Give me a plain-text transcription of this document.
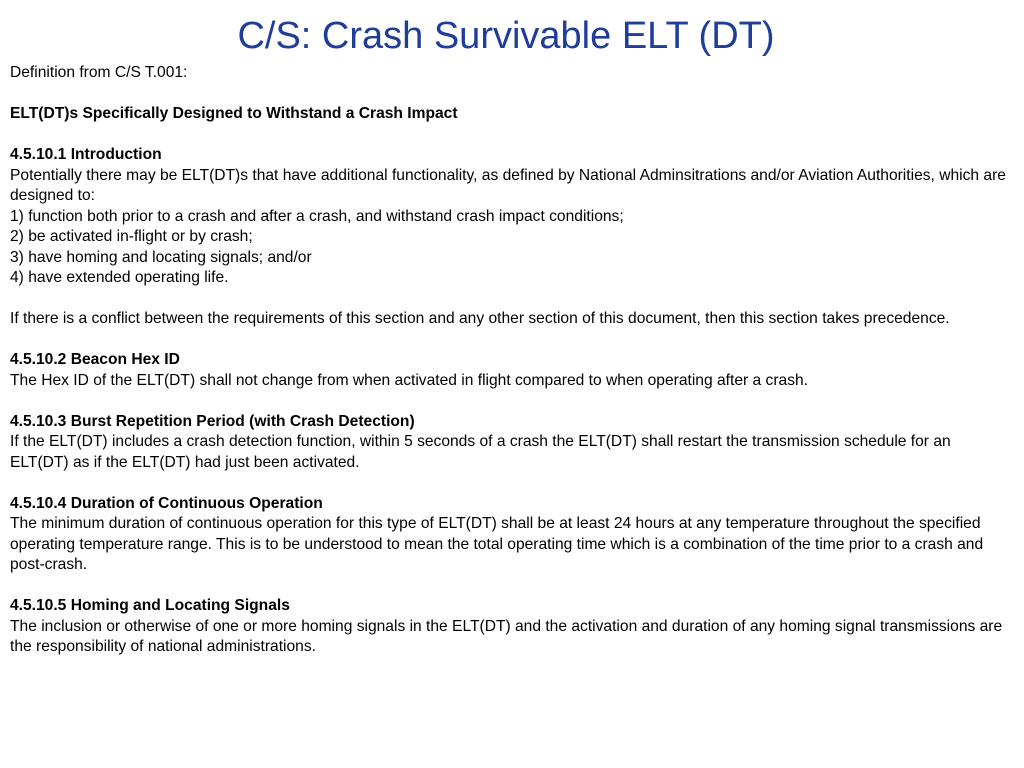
C/S: Crash Survivable ELT (DT)

Definition from C/S T.001:

ELT(DT)s Specifically Designed to Withstand a Crash Impact

4.5.10.1 Introduction

Potentially there may be ELT(DT)s that have additional functionality, as defined by National Adminsitrations and/or Aviation Authorities, which are designed to:

1) function both prior to a crash and after a crash, and withstand crash impact conditions;

2) be activated in-flight or by crash;

3) have homing and locating signals; and/or

4) have extended operating life.

If there is a conflict between the requirements of this section and any other section of this document, then this section takes precedence.

4.5.10.2 Beacon Hex ID

The Hex ID of the ELT(DT) shall not change from when activated in flight compared to when operating after a crash.

4.5.10.3 Burst Repetition Period (with Crash Detection)

If the ELT(DT) includes a crash detection function, within 5 seconds of a crash the ELT(DT) shall restart the transmission schedule for an ELT(DT) as if the ELT(DT) had just been activated.

4.5.10.4 Duration of Continuous Operation

The minimum duration of continuous operation for this type of ELT(DT) shall be at least 24 hours at any temperature throughout the specified operating temperature range. This is to be understood to mean the total operating time which is a combination of the time prior to a crash and post-crash.

4.5.10.5 Homing and Locating Signals

The inclusion or otherwise of one or more homing signals in the ELT(DT) and the activation and duration of any homing signal transmissions are the responsibility of national administrations.
